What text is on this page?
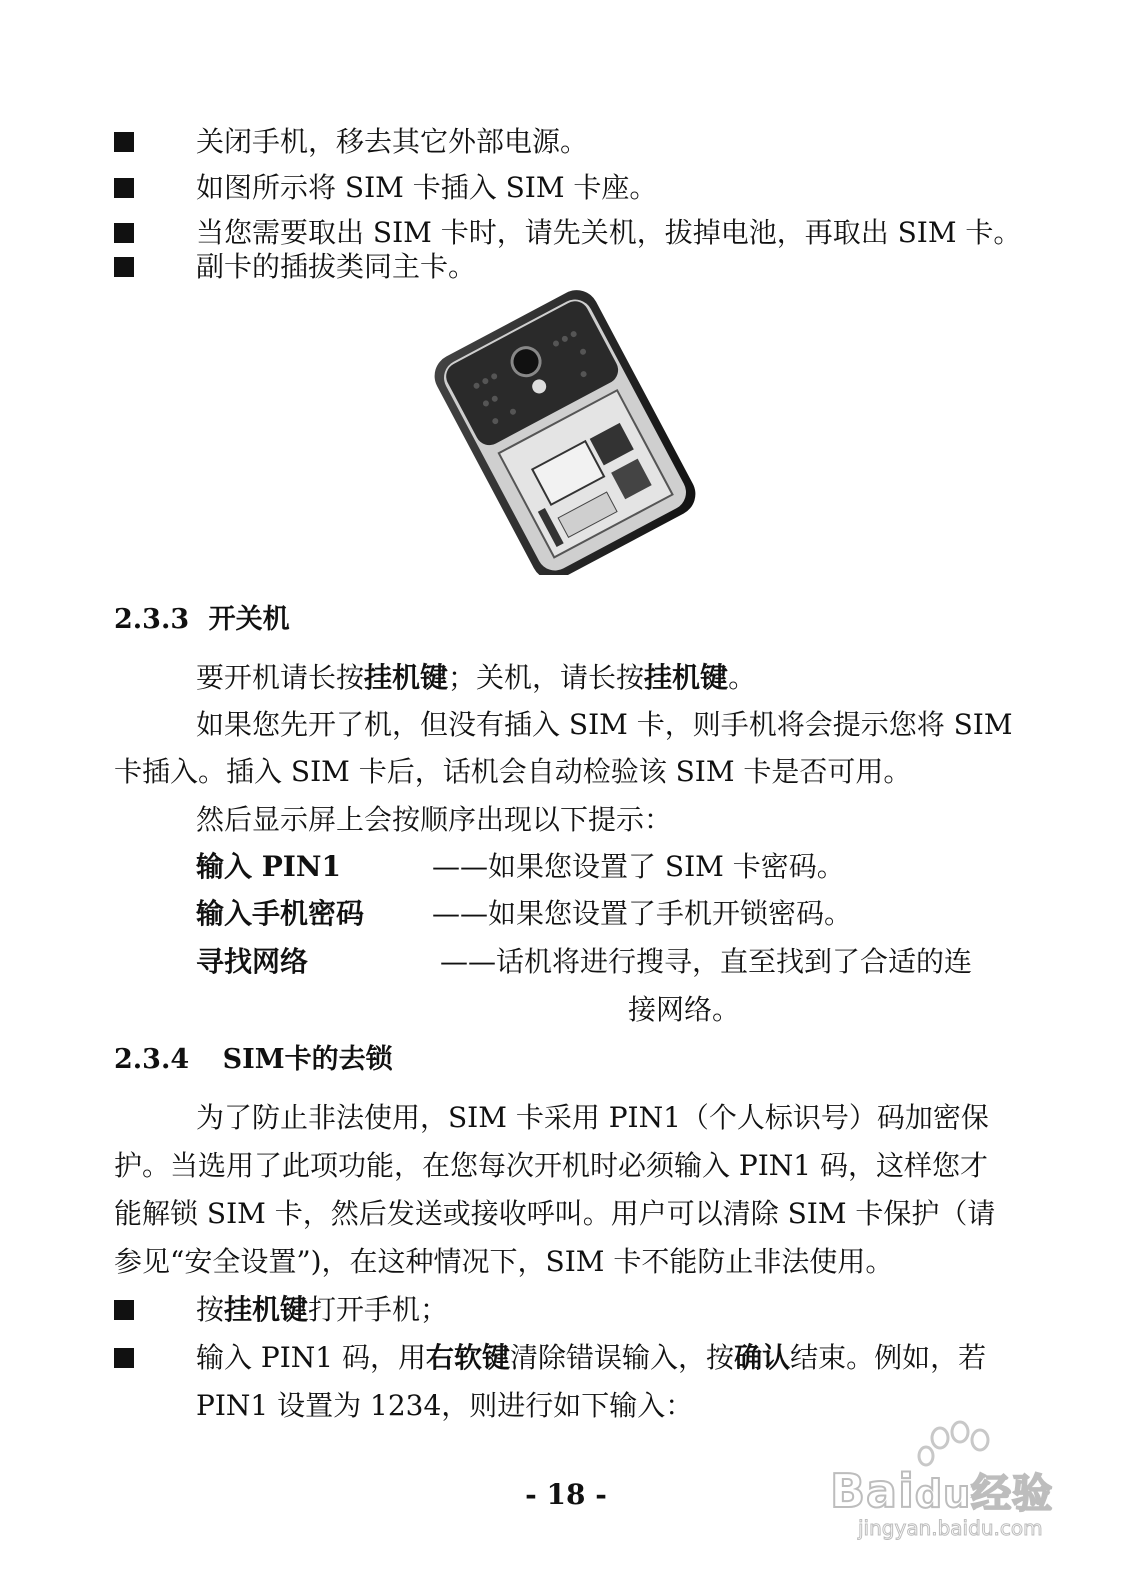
关闭手机，移去其它外部电源。
如图所示将 SIM 卡插入 SIM 卡座。
当您需要取出 SIM 卡时，请先关机，拔掉电池，再取出 SIM 卡。
副卡的插拔类同主卡。
2.3.3 开关机
要开机请长按挂机键；关机，请长按挂机键。
如果您先开了机，但没有插入 SIM 卡，则手机将会提示您将 SIM
卡插入。插入 SIM 卡后，话机会自动检验该 SIM 卡是否可用。
然后显示屏上会按顺序出现以下提示：
输入 PIN1	——如果您设置了 SIM 卡密码。
输入手机密码 ——如果您设置了手机开锁密码。
寻找网络	——话机将进行搜寻，直至找到了合适的连
接网络。
2.3.4 SIM卡的去锁
为了防止非法使用，SIM 卡采用 PIN1（个人标识号）码加密保
护。当选用了此项功能，在您每次开机时必须输入 PIN1 码，这样您才
能解锁 SIM 卡，然后发送或接收呼叫。用户可以清除 SIM 卡保护（请
参见“安全设置”)，在这种情况下，SIM 卡不能防止非法使用。
按挂机键打开手机；
输入 PIN1 码，用右软键清除错误输入，按确认结束。例如，若
PIN1 设置为 1234，则进行如下输入：
Baidu经验
jingyan.baidu.com
- 18 -
